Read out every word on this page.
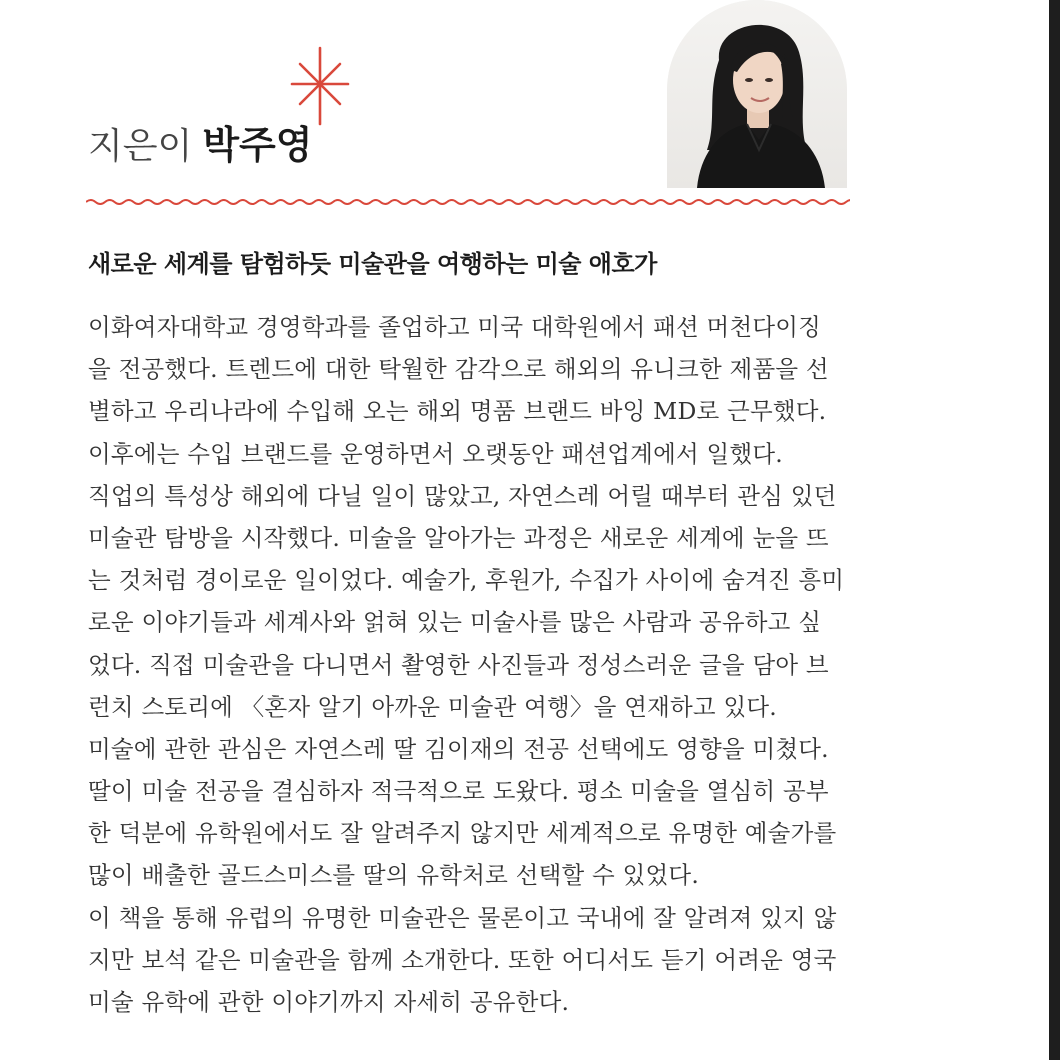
지은이 박주영
새로운 세계를 탐험하듯 미술관을 여행하는 미술 애호가
이화여자대학교 경영학과를 졸업하고 미국 대학원에서 패션 머천다이징
을 전공했다. 트렌드에 대한 탁월한 감각으로 해외의 유니크한 제품을 선
별하고 우리나라에 수입해 오는 해외 명품 브랜드 바잉 MD로 근무했다.
이후에는 수입 브랜드를 운영하면서 오랫동안 패션업계에서 일했다.
직업의 특성상 해외에 다닐 일이 많았고, 자연스레 어릴 때부터 관심 있던
미술관 탐방을 시작했다. 미술을 알아가는 과정은 새로운 세계에 눈을 뜨
는 것처럼 경이로운 일이었다. 예술가, 후원가, 수집가 사이에 숨겨진 흥미
로운 이야기들과 세계사와 얽혀 있는 미술사를 많은 사람과 공유하고 싶
었다. 직접 미술관을 다니면서 촬영한 사진들과 정성스러운 글을 담아 브
런치 스토리에 〈혼자 알기 아까운 미술관 여행〉을 연재하고 있다.
미술에 관한 관심은 자연스레 딸 김이재의 전공 선택에도 영향을 미쳤다.
딸이 미술 전공을 결심하자 적극적으로 도왔다. 평소 미술을 열심히 공부
한 덕분에 유학원에서도 잘 알려주지 않지만 세계적으로 유명한 예술가를
많이 배출한 골드스미스를 딸의 유학처로 선택할 수 있었다.
이 책을 통해 유럽의 유명한 미술관은 물론이고 국내에 잘 알려져 있지 않
지만 보석 같은 미술관을 함께 소개한다. 또한 어디서도 듣기 어려운 영국
미술 유학에 관한 이야기까지 자세히 공유한다.
